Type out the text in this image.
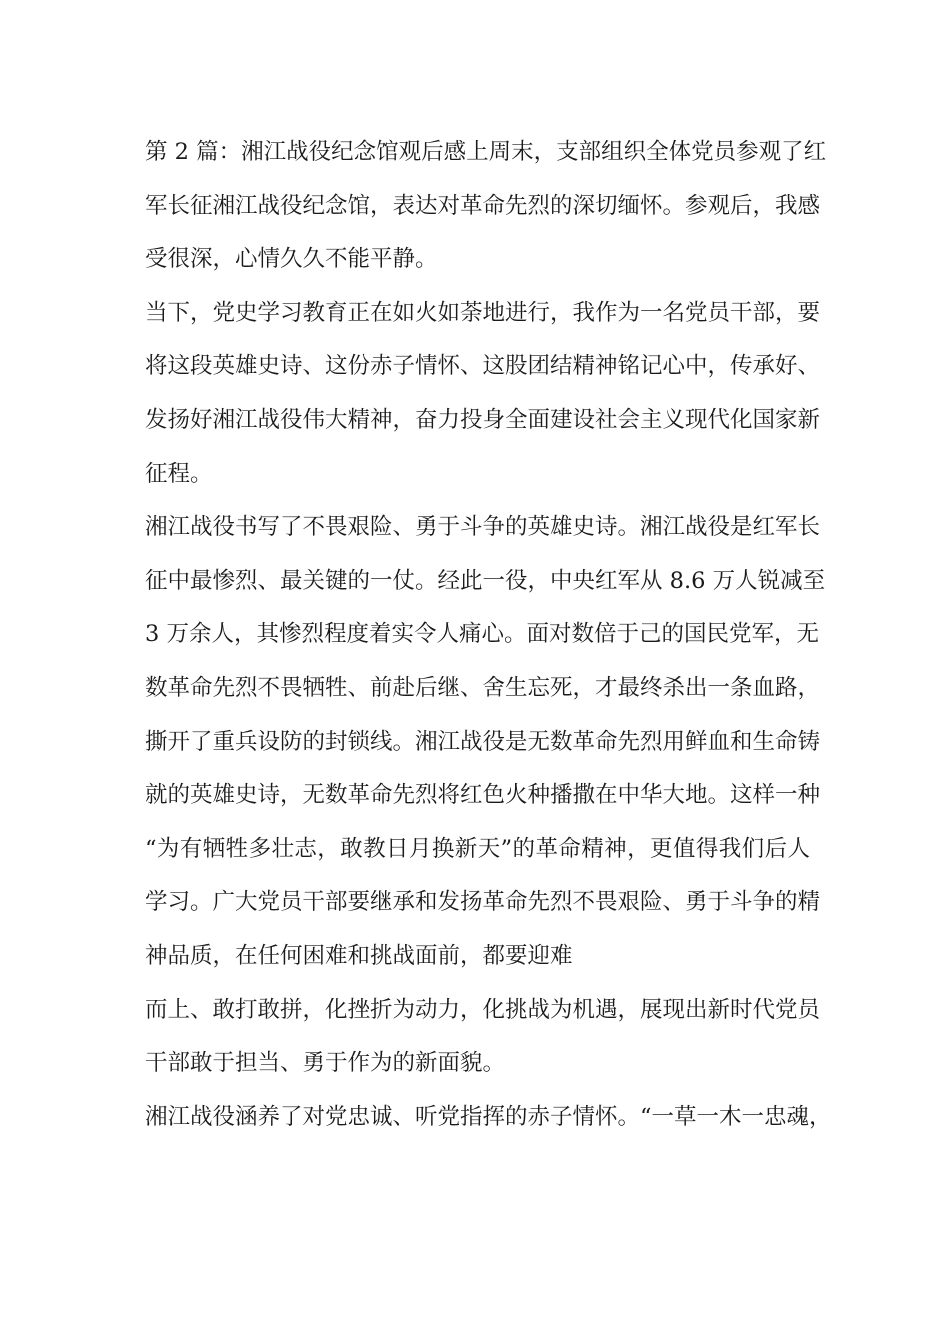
第 2 篇：湘江战役纪念馆观后感上周末，支部组织全体党员参观了红
军长征湘江战役纪念馆，表达对革命先烈的深切缅怀。参观后，我感
受很深，心情久久不能平静。
当下，党史学习教育正在如火如荼地进行，我作为一名党员干部，要
将这段英雄史诗、这份赤子情怀、这股团结精神铭记心中，传承好、
发扬好湘江战役伟大精神，奋力投身全面建设社会主义现代化国家新
征程。
湘江战役书写了不畏艰险、勇于斗争的英雄史诗。湘江战役是红军长
征中最惨烈、最关键的一仗。经此一役，中央红军从 8.6 万人锐减至
3 万余人，其惨烈程度着实令人痛心。面对数倍于己的国民党军，无
数革命先烈不畏牺牲、前赴后继、舍生忘死，才最终杀出一条血路，
撕开了重兵设防的封锁线。湘江战役是无数革命先烈用鲜血和生命铸
就的英雄史诗，无数革命先烈将红色火种播撒在中华大地。这样一种
“为有牺牲多壮志，敢教日月换新天”的革命精神，更值得我们后人
学习。广大党员干部要继承和发扬革命先烈不畏艰险、勇于斗争的精
神品质，在任何困难和挑战面前，都要迎难
而上、敢打敢拼，化挫折为动力，化挑战为机遇，展现出新时代党员
干部敢于担当、勇于作为的新面貌。
湘江战役涵养了对党忠诚、听党指挥的赤子情怀。“一草一木一忠魂，
